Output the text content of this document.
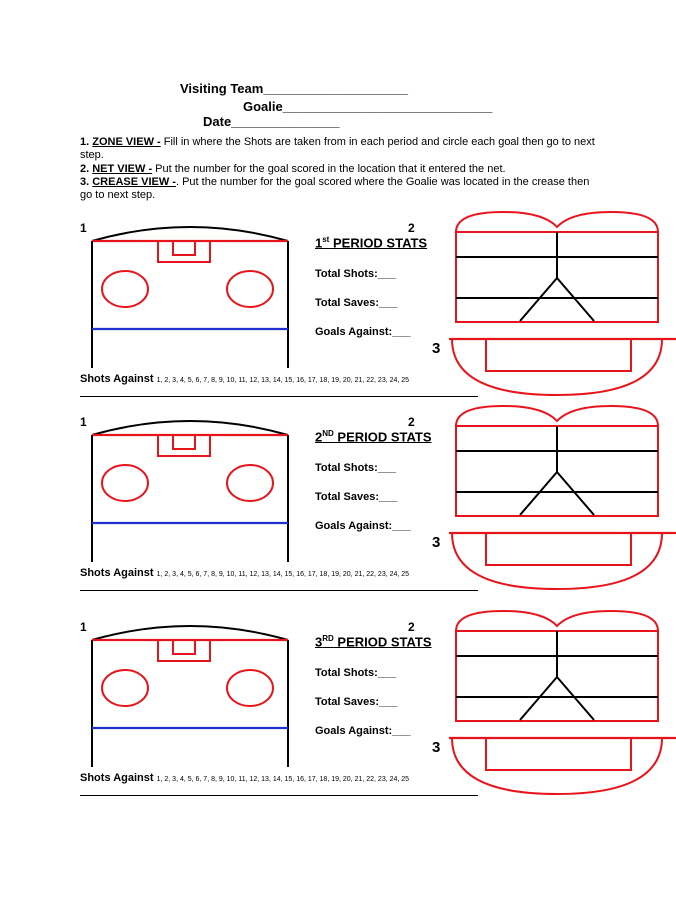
Visiting Team____________________
Goalie_____________________________
Date_______________
1. ZONE VIEW - Fill in where the Shots are taken from in each period and circle each goal then go to next step.
2. NET VIEW - Put the number for the goal scored in the location that it entered the net.
3. CREASE VIEW -. Put the number for the goal scored where the Goalie was located in the crease then go to next step.
1	2
3
1st PERIOD STATS
Total Shots:___
Total Saves:___
Goals Against:___
Shots Against 1, 2, 3, 4, 5, 6, 7, 8, 9, 10, 11, 12, 13, 14, 15, 16, 17, 18, 19, 20, 21, 22, 23, 24, 25
1	2
3
2ND PERIOD STATS
Total Shots:___
Total Saves:___
Goals Against:___
Shots Against 1, 2, 3, 4, 5, 6, 7, 8, 9, 10, 11, 12, 13, 14, 15, 16, 17, 18, 19, 20, 21, 22, 23, 24, 25
1	2
3
3RD PERIOD STATS
Total Shots:___
Total Saves:___
Goals Against:___
Shots Against 1, 2, 3, 4, 5, 6, 7, 8, 9, 10, 11, 12, 13, 14, 15, 16, 17, 18, 19, 20, 21, 22, 23, 24, 25
